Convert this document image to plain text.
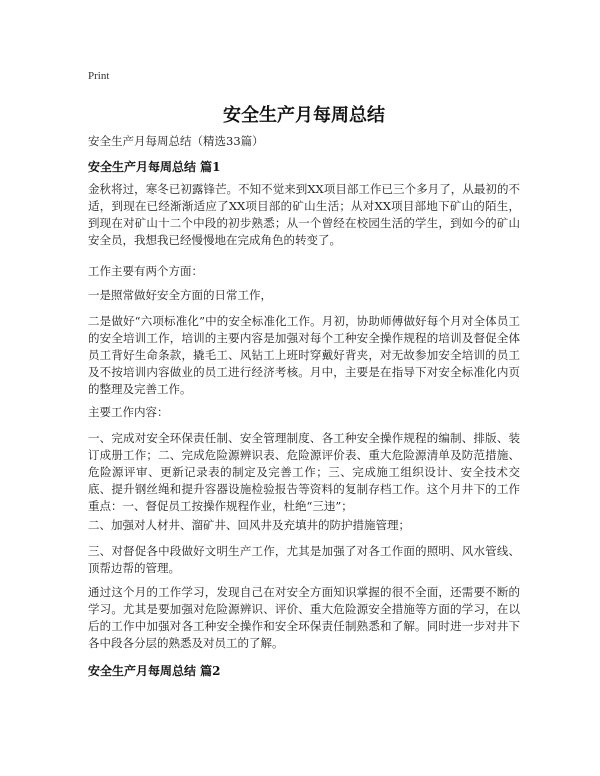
Print
安全生产月每周总结

安全生产月每周总结（精选33篇）

安全生产月每周总结 篇1

金秋将过，寒冬已初露锋芒。不知不觉来到XX项目部工作已三个多月了，从最初的不适，到现在已经渐渐适应了XX项目部的矿山生活；从对XX项目部地下矿山的陌生，到现在对矿山十二个中段的初步熟悉；从一个曾经在校园生活的学生，到如今的矿山安全员，我想我已经慢慢地在完成角色的转变了。

工作主要有两个方面：

一是照常做好安全方面的日常工作，

二是做好“六项标准化”中的安全标准化工作。月初，协助师傅做好每个月对全体员工的安全培训工作，培训的主要内容是加强对每个工种安全操作规程的培训及督促全体员工背好生命条款，撬毛工、风钻工上班时穿戴好背夹，对无故参加安全培训的员工及不按培训内容做业的员工进行经济考核。月中，主要是在指导下对安全标准化内页的整理及完善工作。

主要工作内容：

一、完成对安全环保责任制、安全管理制度、各工种安全操作规程的编制、排版、装订成册工作；二、完成危险源辨识表、危险源评价表、重大危险源清单及防范措施、危险源评审、更新记录表的制定及完善工作；三、完成施工组织设计、安全技术交底、提升钢丝绳和提升容器设施检验报告等资料的复制存档工作。这个月井下的工作重点：一、督促员工按操作规程作业，杜绝“三违”；

二、加强对人材井、溜矿井、回风井及充填井的防护措施管理；

三、对督促各中段做好文明生产工作，尤其是加强了对各工作面的照明、风水管线、顶帮边帮的管理。

通过这个月的工作学习，发现自己在对安全方面知识掌握的很不全面，还需要不断的学习。尤其是要加强对危险源辨识、评价、重大危险源安全措施等方面的学习，在以后的工作中加强对各工种安全操作和安全环保责任制熟悉和了解。同时进一步对井下各中段各分层的熟悉及对员工的了解。

安全生产月每周总结 篇2
